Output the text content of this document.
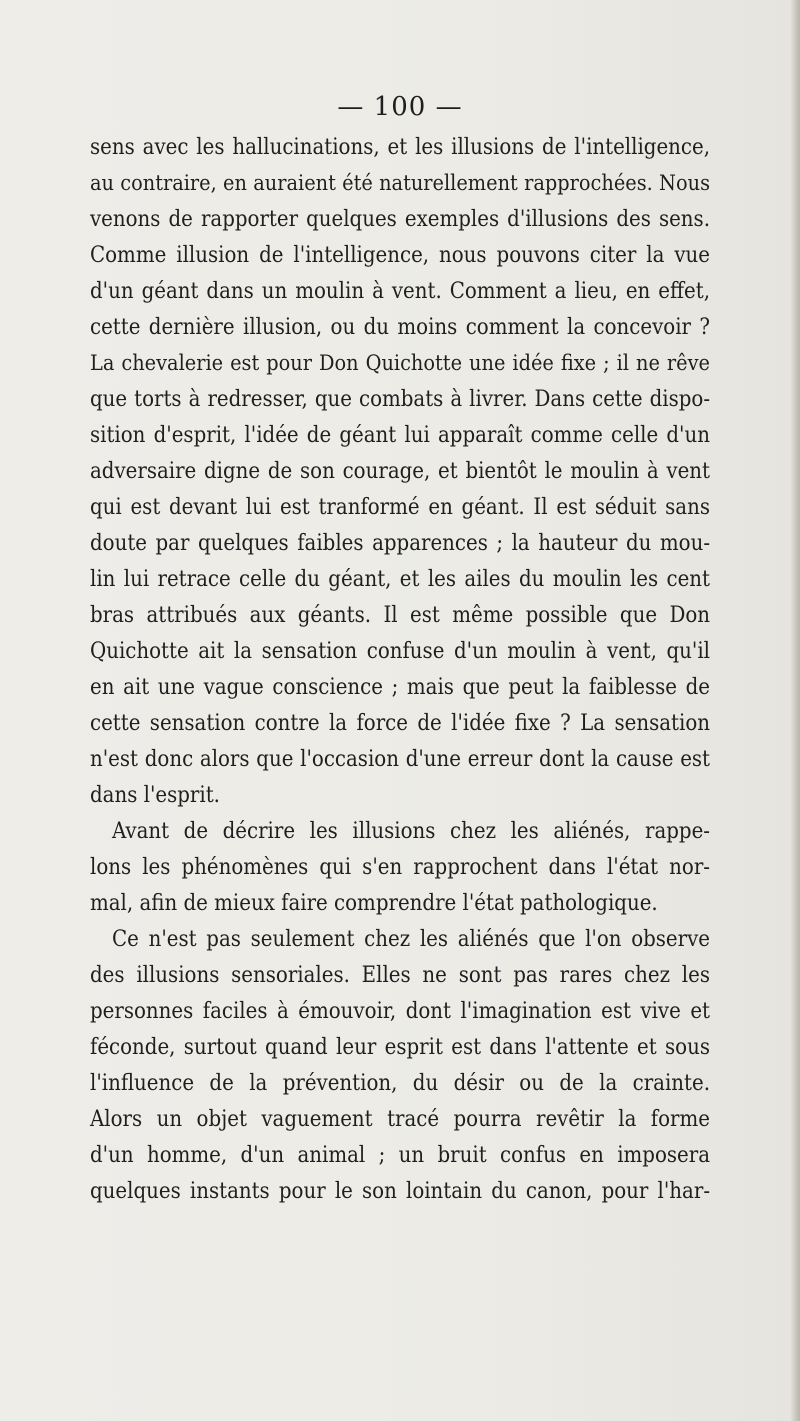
— 100 —
sens avec les hallucinations, et les illusions de l'intelligence,
au contraire, en auraient été naturellement rapprochées. Nous
venons de rapporter quelques exemples d'illusions des sens.
Comme illusion de l'intelligence, nous pouvons citer la vue
d'un géant dans un moulin à vent. Comment a lieu, en effet,
cette dernière illusion, ou du moins comment la concevoir ?
La chevalerie est pour Don Quichotte une idée fixe ; il ne rêve
que torts à redresser, que combats à livrer. Dans cette dispo-
sition d'esprit, l'idée de géant lui apparaît comme celle d'un
adversaire digne de son courage, et bientôt le moulin à vent
qui est devant lui est tranformé en géant. Il est séduit sans
doute par quelques faibles apparences ; la hauteur du mou-
lin lui retrace celle du géant, et les ailes du moulin les cent
bras attribués aux géants. Il est même possible que Don
Quichotte ait la sensation confuse d'un moulin à vent, qu'il
en ait une vague conscience ; mais que peut la faiblesse de
cette sensation contre la force de l'idée fixe ? La sensation
n'est donc alors que l'occasion d'une erreur dont la cause est
dans l'esprit.
Avant de décrire les illusions chez les aliénés, rappe-
lons les phénomènes qui s'en rapprochent dans l'état nor-
mal, afin de mieux faire comprendre l'état pathologique.
Ce n'est pas seulement chez les aliénés que l'on observe
des illusions sensoriales. Elles ne sont pas rares chez les
personnes faciles à émouvoir, dont l'imagination est vive et
féconde, surtout quand leur esprit est dans l'attente et sous
l'influence de la prévention, du désir ou de la crainte.
Alors un objet vaguement tracé pourra revêtir la forme
d'un homme, d'un animal ; un bruit confus en imposera
quelques instants pour le son lointain du canon, pour l'har-
